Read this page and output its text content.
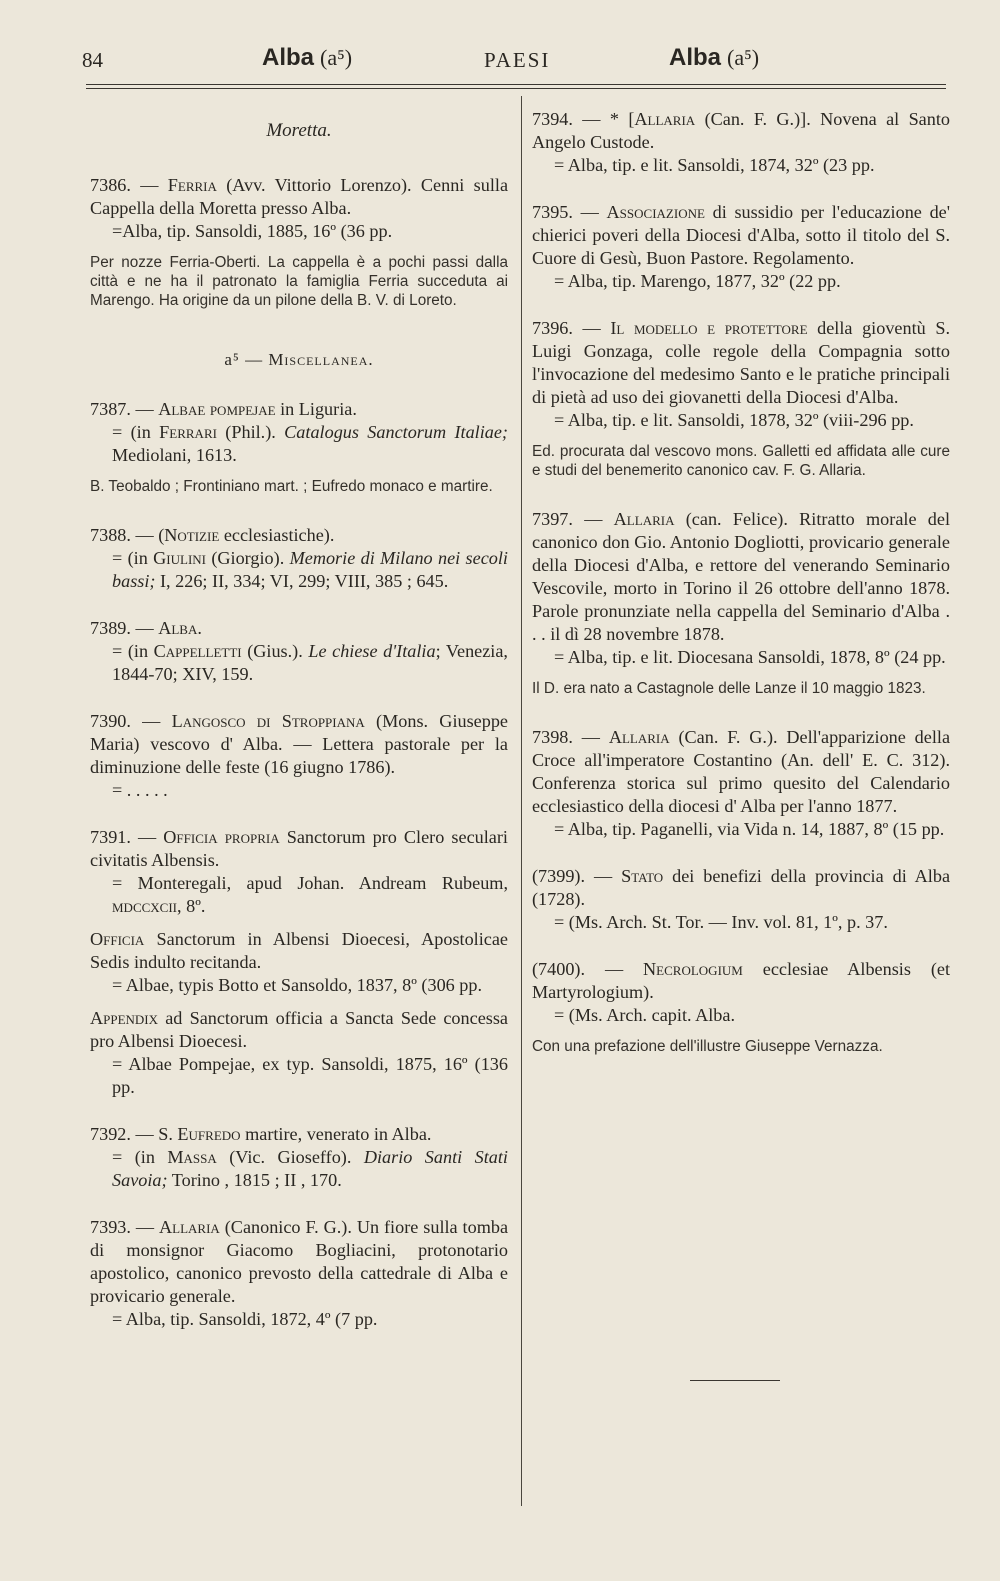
84	Alba (a⁵)	PAESI	Alba (a⁵)
Moretta.
7386. — Ferria (Avv. Vittorio Lorenzo). Cenni sulla Cappella della Moretta presso Alba.
=Alba, tip. Sansoldi, 1885, 16º (36 pp.
Per nozze Ferria-Oberti. La cappella è a pochi passi dalla città e ne ha il patronato la famiglia Ferria succeduta ai Marengo. Ha origine da un pilone della B. V. di Loreto.
a⁵ — Miscellanea.
7387. — Albae pompejae in Liguria.
= (in Ferrari (Phil.). Catalogus Sanctorum Italiae; Mediolani, 1613.
B. Teobaldo ; Frontiniano mart. ; Eufredo monaco e martire.
7388. — (Notizie ecclesiastiche).
= (in Giulini (Giorgio). Memorie di Milano nei secoli bassi; I, 226; II, 334; VI, 299; VIII, 385 ; 645.
7389. — Alba.
= (in Cappelletti (Gius.). Le chiese d'Italia; Venezia, 1844-70; XIV, 159.
7390. — Langosco di Stroppiana (Mons. Giuseppe Maria) vescovo d' Alba. — Lettera pastorale per la diminuzione delle feste (16 giugno 1786).
= . . . . .
7391. — Officia propria Sanctorum pro Clero seculari civitatis Albensis.
= Monteregali, apud Johan. Andream Rubeum, mdccxcii, 8º.
Officia Sanctorum in Albensi Dioecesi, Apostolicae Sedis indulto recitanda.
= Albae, typis Botto et Sansoldo, 1837, 8º (306 pp.
Appendix ad Sanctorum officia a Sancta Sede concessa pro Albensi Dioecesi.
= Albae Pompejae, ex typ. Sansoldi, 1875, 16º (136 pp.
7392. — S. Eufredo martire, venerato in Alba.
= (in Massa (Vic. Gioseffo). Diario Santi Stati Savoia; Torino , 1815 ; II , 170.
7393. — Allaria (Canonico F. G.). Un fiore sulla tomba di monsignor Giacomo Bogliacini, protonotario apostolico, canonico prevosto della cattedrale di Alba e provicario generale.
= Alba, tip. Sansoldi, 1872, 4º (7 pp.
7394. — * [Allaria (Can. F. G.)]. Novena al Santo Angelo Custode.
= Alba, tip. e lit. Sansoldi, 1874, 32º (23 pp.
7395. — Associazione di sussidio per l'educazione de' chierici poveri della Diocesi d'Alba, sotto il titolo del S. Cuore di Gesù, Buon Pastore. Regolamento.
= Alba, tip. Marengo, 1877, 32º (22 pp.
7396. — Il modello e protettore della gioventù S. Luigi Gonzaga, colle regole della Compagnia sotto l'invocazione del medesimo Santo e le pratiche principali di pietà ad uso dei giovanetti della Diocesi d'Alba.
= Alba, tip. e lit. Sansoldi, 1878, 32º (viii-296 pp.
Ed. procurata dal vescovo mons. Galletti ed affidata alle cure e studi del benemerito canonico cav. F. G. Allaria.
7397. — Allaria (can. Felice). Ritratto morale del canonico don Gio. Antonio Dogliotti, provicario generale della Diocesi d'Alba, e rettore del venerando Seminario Vescovile, morto in Torino il 26 ottobre dell'anno 1878. Parole pronunziate nella cappella del Seminario d'Alba . . . il dì 28 novembre 1878.
= Alba, tip. e lit. Diocesana Sansoldi, 1878, 8º (24 pp.
Il D. era nato a Castagnole delle Lanze il 10 maggio 1823.
7398. — Allaria (Can. F. G.). Dell'apparizione della Croce all'imperatore Costantino (An. dell' E. C. 312). Conferenza storica sul primo quesito del Calendario ecclesiastico della diocesi d' Alba per l'anno 1877.
= Alba, tip. Paganelli, via Vida n. 14, 1887, 8º (15 pp.
(7399). — Stato dei benefizi della provincia di Alba (1728).
= (Ms. Arch. St. Tor. — Inv. vol. 81, 1º, p. 37.
(7400). — Necrologium ecclesiae Albensis (et Martyrologium).
= (Ms. Arch. capit. Alba.
Con una prefazione dell'illustre Giuseppe Vernazza.
